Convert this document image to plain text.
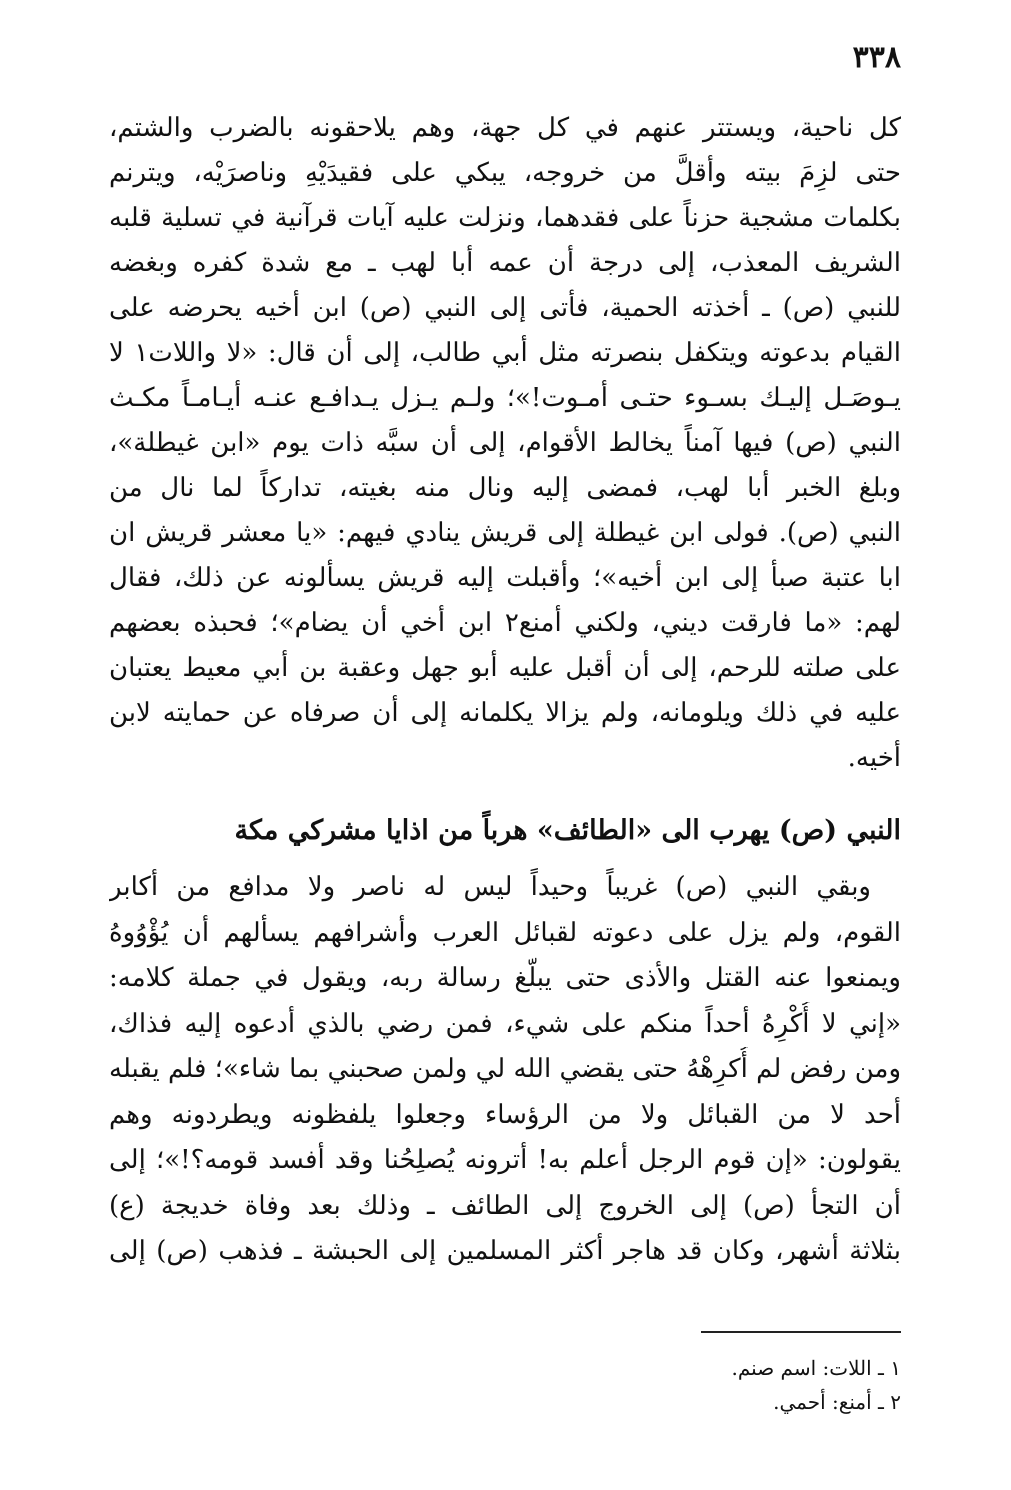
٣٣٨
كل ناحية، ويستتر عنهم في كل جهة، وهم يلاحقونه بالضرب والشتم،
حتى لزِمَ بيته وأقلَّ من خروجه، يبكي على فقيدَيْهِ وناصرَيْه، ويترنم
بكلمات مشجية حزناً على فقدهما، ونزلت عليه آيات قرآنية في تسلية قلبه
الشريف المعذب، إلى درجة أن عمه أبا لهب ـ مع شدة كفره وبغضه
للنبي (ص) ـ أخذته الحمية، فأتى إلى النبي (ص) ابن أخيه يحرضه على
القيام بدعوته ويتكفل بنصرته مثل أبي طالب، إلى أن قال: «لا واللات١ لا
يـوصَـل إليـك بسـوء حتـى أمـوت!»؛ ولـم يـزل يـدافـع عنـه أيـامـاً مكـث
النبي (ص) فيها آمناً يخالط الأقوام، إلى أن سبَّه ذات يوم «ابن غيطلة»،
وبلغ الخبر أبا لهب، فمضى إليه ونال منه بغيته، تداركاً لما نال من
النبي (ص). فولى ابن غيطلة إلى قريش ينادي فيهم: «يا معشر قريش ان
ابا عتبة صبأ إلى ابن أخيه»؛ وأقبلت إليه قريش يسألونه عن ذلك، فقال
لهم: «ما فارقت ديني، ولكني أمنع٢ ابن أخي أن يضام»؛ فحبذه بعضهم
على صلته للرحم، إلى أن أقبل عليه أبو جهل وعقبة بن أبي معيط يعتبان
عليه في ذلك ويلومانه، ولم يزالا يكلمانه إلى أن صرفاه عن حمايته لابن
أخيه.
النبي (ص) يهرب الى «الطائف» هرباً من اذايا مشركي مكة
وبقي النبي (ص) غريباً وحيداً ليس له ناصر ولا مدافع من أكابر
القوم، ولم يزل على دعوته لقبائل العرب وأشرافهم يسألهم أن يُؤْوُوهُ
ويمنعوا عنه القتل والأذى حتى يبلّغ رسالة ربه، ويقول في جملة كلامه:
«إني لا أُكْرِهُ أحداً منكم على شيء، فمن رضي بالذي أدعوه إليه فذاك،
ومن رفض لم أُكرِهْهُ حتى يقضي الله لي ولمن صحبني بما شاء»؛ فلم يقبله
أحد لا من القبائل ولا من الرؤساء وجعلوا يلفظونه ويطردونه وهم
يقولون: «إن قوم الرجل أعلم به! أترونه يُصلِحُنا وقد أفسد قومه؟!»؛ إلى
أن التجأ (ص) إلى الخروج إلى الطائف ـ وذلك بعد وفاة خديجة (ع)
بثلاثة أشهر، وكان قد هاجر أكثر المسلمين إلى الحبشة ـ فذهب (ص) إلى
١ ـ اللات: اسم صنم.
٢ ـ أمنع: أحمي.
